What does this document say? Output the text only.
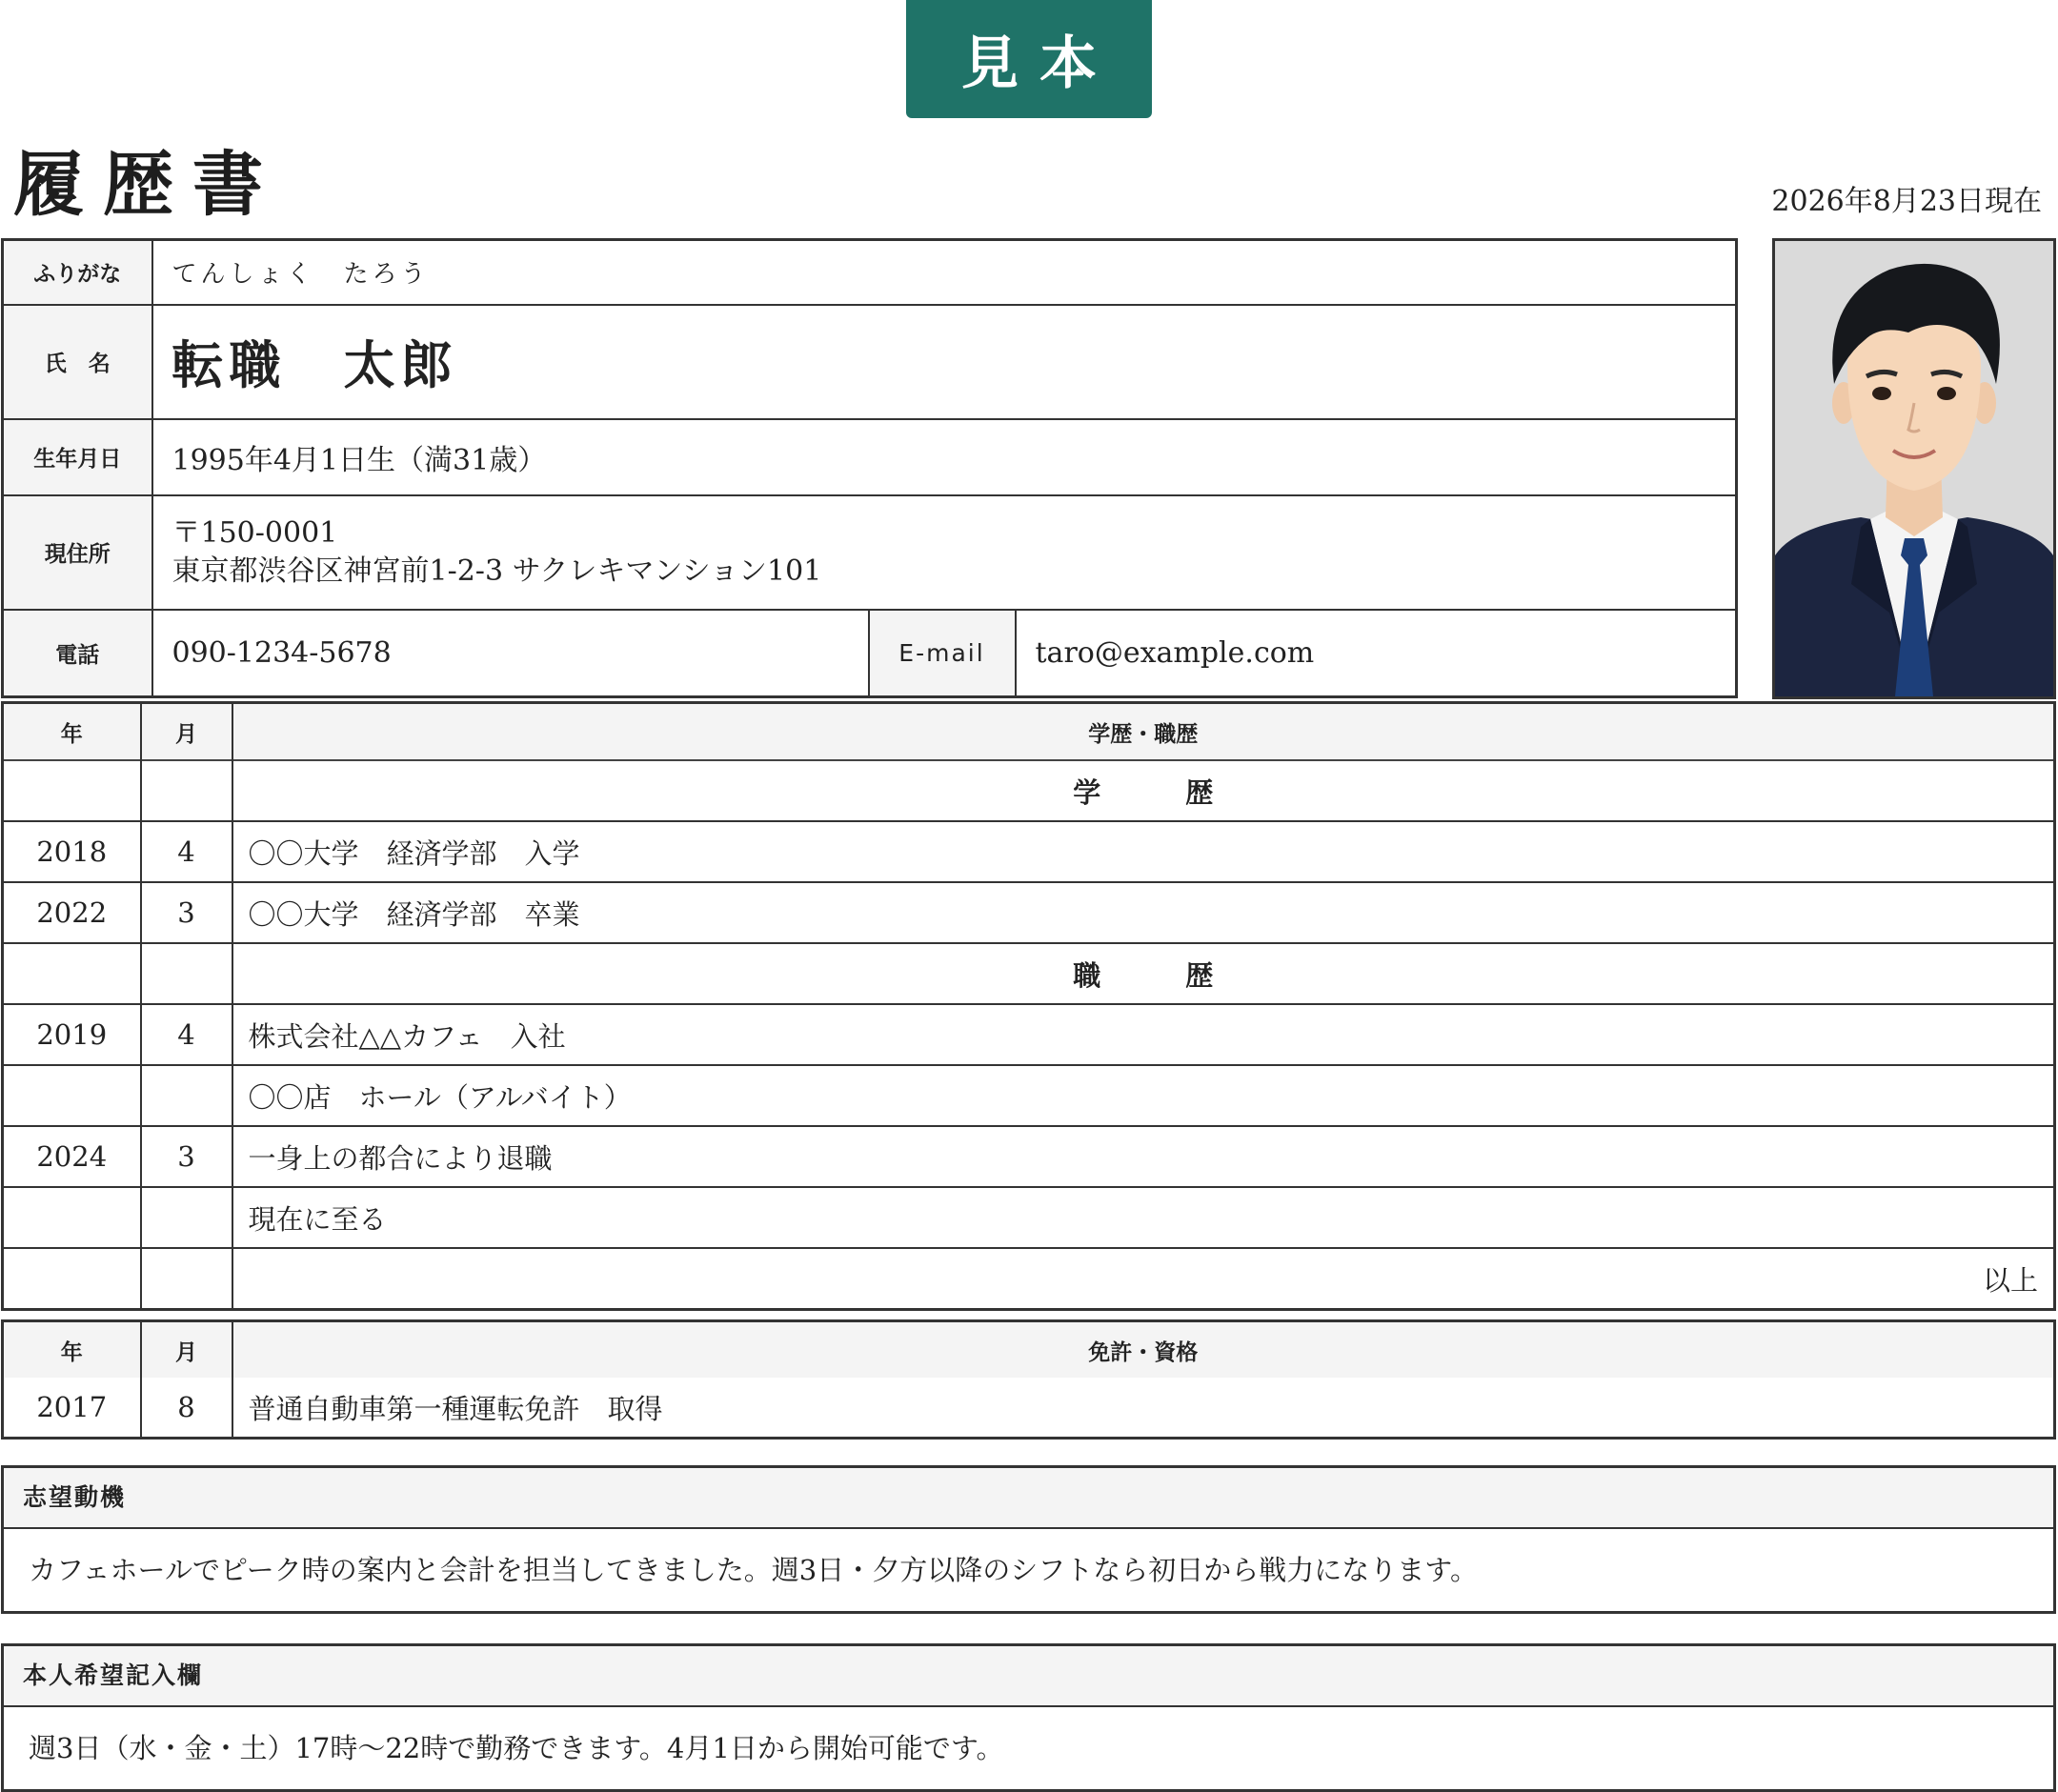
見本
履歴書	2026年8月23日現在
ふりがな	てんしょく　たろう		
氏　名	転職　太郎		
生年月日	1995年4月1日生（満31歳）		
現住所	〒150-0001
東京都渋谷区神宮前1-2-3 サクレキマンション101		

電話	090-1234-5678	E-mail	taro@example.com
年	月	学歴・職歴
		学　歴
2018	4	〇〇大学　経済学部　入学
2022	3	〇〇大学　経済学部　卒業
		職　歴
2019	4	株式会社△△カフェ　入社
		〇〇店　ホール（アルバイト）
2024	3	一身上の都合により退職
		現在に至る
		以上
年	月	免許・資格
2017	8	普通自動車第一種運転免許　取得
志望動機
カフェホールでピーク時の案内と会計を担当してきました。週3日・夕方以降のシフトなら初日から戦力になります。
本人希望記入欄
週3日（水・金・土）17時〜22時で勤務できます。4月1日から開始可能です。
